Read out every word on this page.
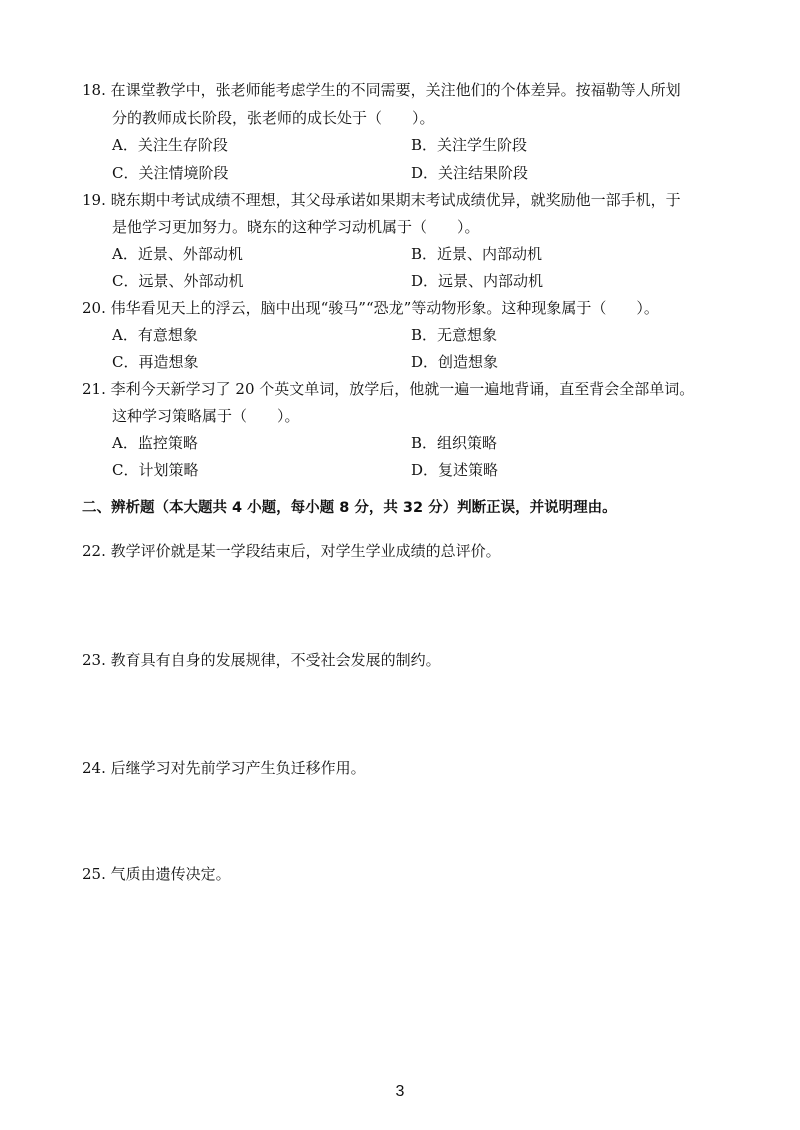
18. 在课堂教学中，张老师能考虑学生的不同需要，关注他们的个体差异。按福勒等人所划
分的教师成长阶段，张老师的成长处于（　　）。
A．关注生存阶段	B．关注学生阶段
C．关注情境阶段	D．关注结果阶段
19. 晓东期中考试成绩不理想，其父母承诺如果期末考试成绩优异，就奖励他一部手机，于
是他学习更加努力。晓东的这种学习动机属于（　　）。
A．近景、外部动机	B．近景、内部动机
C．远景、外部动机	D．远景、内部动机
20. 伟华看见天上的浮云，脑中出现“骏马”“恐龙”等动物形象。这种现象属于（　　）。
A．有意想象	B．无意想象
C．再造想象	D．创造想象
21. 李利今天新学习了 20 个英文单词，放学后，他就一遍一遍地背诵，直至背会全部单词。
这种学习策略属于（　　）。
A．监控策略	B．组织策略
C．计划策略	D．复述策略
二、辨析题（本大题共 4 小题，每小题 8 分，共 32 分）判断正误，并说明理由。
22. 教学评价就是某一学段结束后，对学生学业成绩的总评价。
23. 教育具有自身的发展规律，不受社会发展的制约。
24. 后继学习对先前学习产生负迁移作用。
25. 气质由遗传决定。
3
